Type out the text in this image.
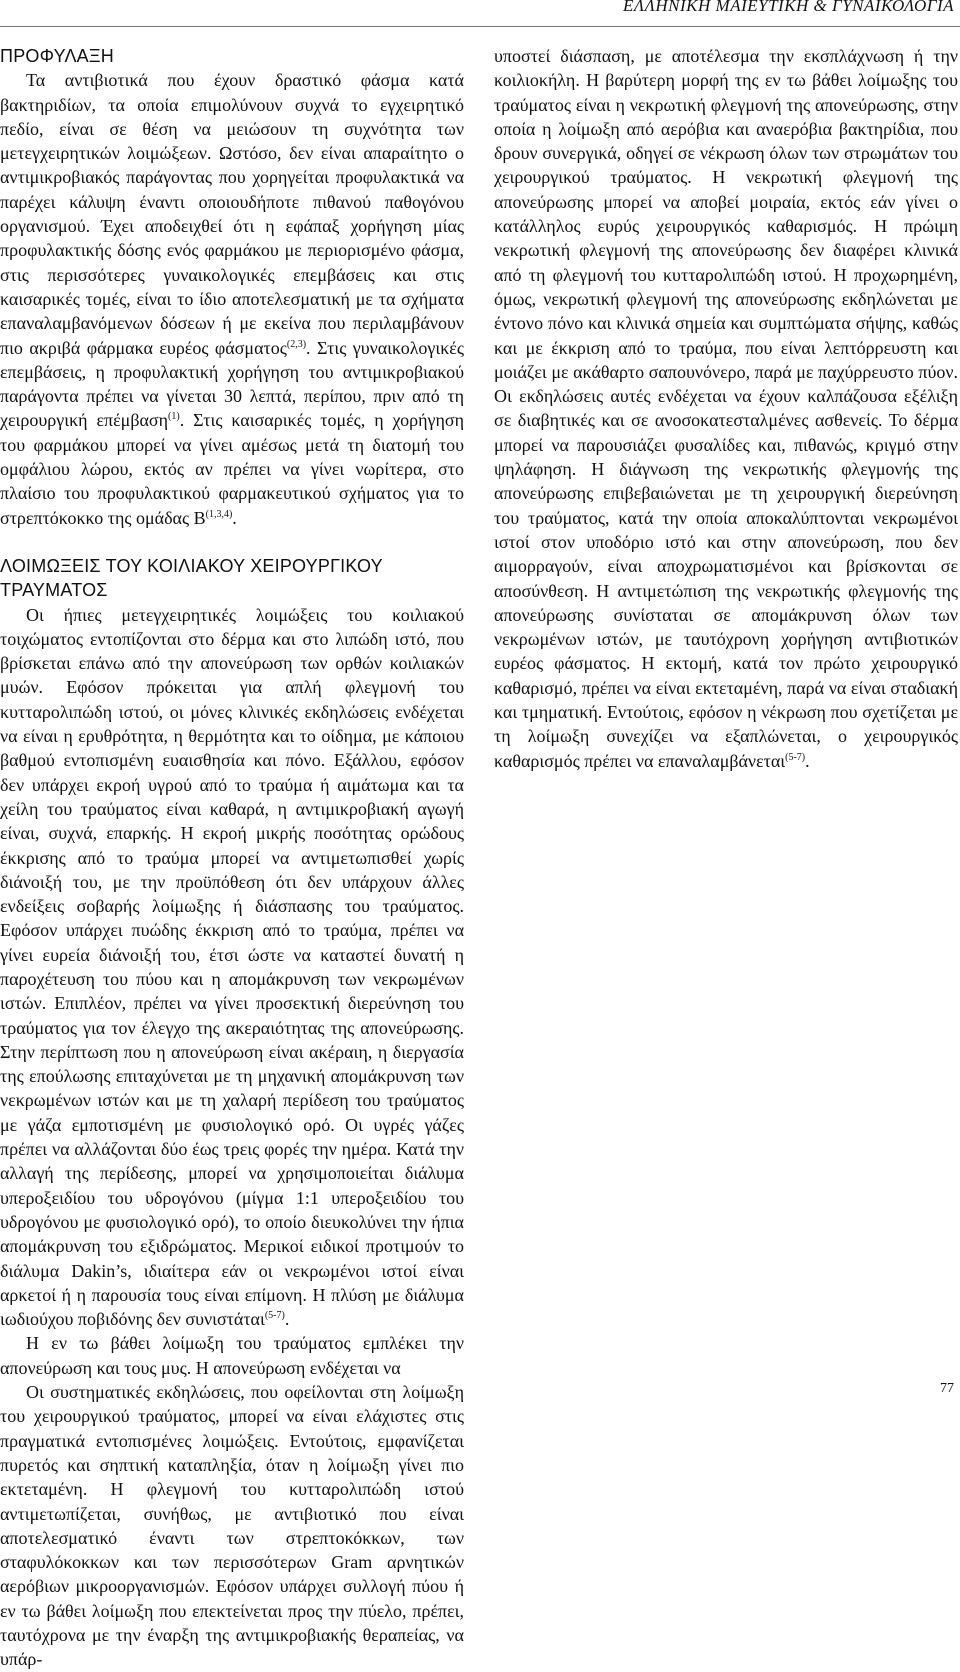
ΕΛΛΗΝΙΚΗ ΜΑΙΕΥΤΙΚΗ & ΓΥΝΑΙΚΟΛΟΓΙΑ
ΠΡΟΦΥΛΑΞΗ

Τα αντιβιοτικά που έχουν δραστικό φάσμα κατά βακτηριδίων, τα οποία επιμολύνουν συχνά το εγχειρητικό πεδίο, είναι σε θέση να μειώσουν τη συχνότητα των μετεγχειρητικών λοιμώξεων. Ωστόσο, δεν είναι απαραίτητο ο αντιμικροβιακός παράγοντας που χορηγείται προφυλακτικά να παρέχει κάλυψη έναντι οποιουδήποτε πιθανού παθογόνου οργανισμού. Έχει αποδειχθεί ότι η εφάπαξ χορήγηση μίας προφυλακτικής δόσης ενός φαρμάκου με περιορισμένο φάσμα, στις περισσότερες γυναικολογικές επεμβάσεις και στις καισαρικές τομές, είναι το ίδιο αποτελεσματική με τα σχήματα επαναλαμβανόμενων δόσεων ή με εκείνα που περιλαμβάνουν πιο ακριβά φάρμακα ευρέος φάσματος$^{(2,3)}$. Στις γυναικολογικές επεμβάσεις, η προφυλακτική χορήγηση του αντιμικροβιακού παράγοντα πρέπει να γίνεται 30 λεπτά, περίπου, πριν από τη χειρουργική επέμβαση$^{(1)}$. Στις καισαρικές τομές, η χορήγηση του φαρμάκου μπορεί να γίνει αμέσως μετά τη διατομή του ομφάλιου λώρου, εκτός αν πρέπει να γίνει νωρίτερα, στο πλαίσιο του προφυλακτικού φαρμακευτικού σχήματος για το στρεπτόκοκκο της ομάδας Β$^{(1,3,4)}$.

ΛΟΙΜΩΞΕΙΣ ΤΟΥ ΚΟΙΛΙΑΚΟΥ ΧΕΙΡΟΥΡΓΙΚΟΥ ΤΡΑΥΜΑΤΟΣ

Οι ήπιες μετεγχειρητικές λοιμώξεις του κοιλιακού τοιχώματος εντοπίζονται στο δέρμα και στο λιπώδη ιστό, που βρίσκεται επάνω από την απονεύρωση των ορθών κοιλιακών μυών. Εφόσον πρόκειται για απλή φλεγμονή του κυτταρολιπώδη ιστού, οι μόνες κλινικές εκδηλώσεις ενδέχεται να είναι η ερυθρότητα, η θερμότητα και το οίδημα, με κάποιου βαθμού εντοπισμένη ευαισθησία και πόνο. Εξάλλου, εφόσον δεν υπάρχει εκροή υγρού από το τραύμα ή αιμάτωμα και τα χείλη του τραύματος είναι καθαρά, η αντιμικροβιακή αγωγή είναι, συχνά, επαρκής. Η εκροή μικρής ποσότητας ορώδους έκκρισης από το τραύμα μπορεί να αντιμετωπισθεί χωρίς διάνοιξή του, με την προϋπόθεση ότι δεν υπάρχουν άλλες ενδείξεις σοβαρής λοίμωξης ή διάσπασης του τραύματος. Εφόσον υπάρχει πυώδης έκκριση από το τραύμα, πρέπει να γίνει ευρεία διάνοιξή του, έτσι ώστε να καταστεί δυνατή η παροχέτευση του πύου και η απομάκρυνση των νεκρωμένων ιστών. Επιπλέον, πρέπει να γίνει προσεκτική διερεύνηση του τραύματος για τον έλεγχο της ακεραιότητας της απονεύρωσης. Στην περίπτωση που η απονεύρωση είναι ακέραιη, η διεργασία της επούλωσης επιταχύνεται με τη μηχανική απομάκρυνση των νεκρωμένων ιστών και με τη χαλαρή περίδεση του τραύματος με γάζα εμποτισμένη με φυσιολογικό ορό. Οι υγρές γάζες πρέπει να αλλάζονται δύο έως τρεις φορές την ημέρα. Κατά την αλλαγή της περίδεσης, μπορεί να χρησιμοποιείται διάλυμα υπεροξειδίου του υδρογόνου (μίγμα 1:1 υπεροξειδίου του υδρογόνου με φυσιολογικό ορό), το οποίο διευκολύνει την ήπια απομάκρυνση του εξιδρώματος. Μερικοί ειδικοί προτιμούν το διάλυμα Dakin’s, ιδιαίτερα εάν οι νεκρωμένοι ιστοί είναι αρκετοί ή η παρουσία τους είναι επίμονη. Η πλύση με διάλυμα ιωδιούχου ποβιδόνης δεν συνιστάται$^{(5-7)}$.

Η εν τω βάθει λοίμωξη του τραύματος εμπλέκει την απονεύρωση και τους μυς. Η απονεύρωση ενδέχεται να

Οι συστηματικές εκδηλώσεις, που οφείλονται στη λοίμωξη του χειρουργικού τραύματος, μπορεί να είναι ελάχιστες στις πραγματικά εντοπισμένες λοιμώξεις. Εντούτοις, εμφανίζεται πυρετός και σηπτική καταπληξία, όταν η λοίμωξη γίνει πιο εκτεταμένη. Η φλεγμονή του κυτταρολιπώδη ιστού αντιμετωπίζεται, συνήθως, με αντιβιοτικό που είναι αποτελεσματικό έναντι των στρεπτοκόκκων, των σταφυλόκοκκων και των περισσότερων Gram αρνητικών αερόβιων μικροοργανισμών. Εφόσον υπάρχει συλλογή πύου ή εν τω βάθει λοίμωξη που επεκτείνεται προς την πύελο, πρέπει, ταυτόχρονα με την έναρξη της αντιμικροβιακής θεραπείας, να υπάρ-

υποστεί διάσπαση, με αποτέλεσμα την εκσπλάχνωση ή την κοιλιοκήλη. Η βαρύτερη μορφή της εν τω βάθει λοίμωξης του τραύματος είναι η νεκρωτική φλεγμονή της απονεύρωσης, στην οποία η λοίμωξη από αερόβια και αναερόβια βακτηρίδια, που δρουν συνεργικά, οδηγεί σε νέκρωση όλων των στρωμάτων του χειρουργικού τραύματος. Η νεκρωτική φλεγμονή της απονεύρωσης μπορεί να αποβεί μοιραία, εκτός εάν γίνει ο κατάλληλος ευρύς χειρουργικός καθαρισμός. Η πρώιμη νεκρωτική φλεγμονή της απονεύρωσης δεν διαφέρει κλινικά από τη φλεγμονή του κυτταρολιπώδη ιστού. Η προχωρημένη, όμως, νεκρωτική φλεγμονή της απονεύρωσης εκδηλώνεται με έντονο πόνο και κλινικά σημεία και συμπτώματα σήψης, καθώς και με έκκριση από το τραύμα, που είναι λεπτόρρευστη και μοιάζει με ακάθαρτο σαπουνόνερο, παρά με παχύρρευστο πύον. Οι εκδηλώσεις αυτές ενδέχεται να έχουν καλπάζουσα εξέλιξη σε διαβητικές και σε ανοσοκατεσταλμένες ασθενείς. Το δέρμα μπορεί να παρουσιάζει φυσαλίδες και, πιθανώς, κριγμό στην ψηλάφηση. Η διάγνωση της νεκρωτικής φλεγμονής της απονεύρωσης επιβεβαιώνεται με τη χειρουργική διερεύνηση του τραύματος, κατά την οποία αποκαλύπτονται νεκρωμένοι ιστοί στον υποδόριο ιστό και στην απονεύρωση, που δεν αιμορραγούν, είναι αποχρωματισμένοι και βρίσκονται σε αποσύνθεση. Η αντιμετώπιση της νεκρωτικής φλεγμονής της απονεύρωσης συνίσταται σε απομάκρυνση όλων των νεκρωμένων ιστών, με ταυτόχρονη χορήγηση αντιβιοτικών ευρέος φάσματος. Η εκτομή, κατά τον πρώτο χειρουργικό καθαρισμό, πρέπει να είναι εκτεταμένη, παρά να είναι σταδιακή και τμηματική. Εντούτοις, εφόσον η νέκρωση που σχετίζεται με τη λοίμωξη συνεχίζει να εξαπλώνεται, ο χειρουργικός καθαρισμός πρέπει να επαναλαμβάνεται$^{(5-7)}$.

77
